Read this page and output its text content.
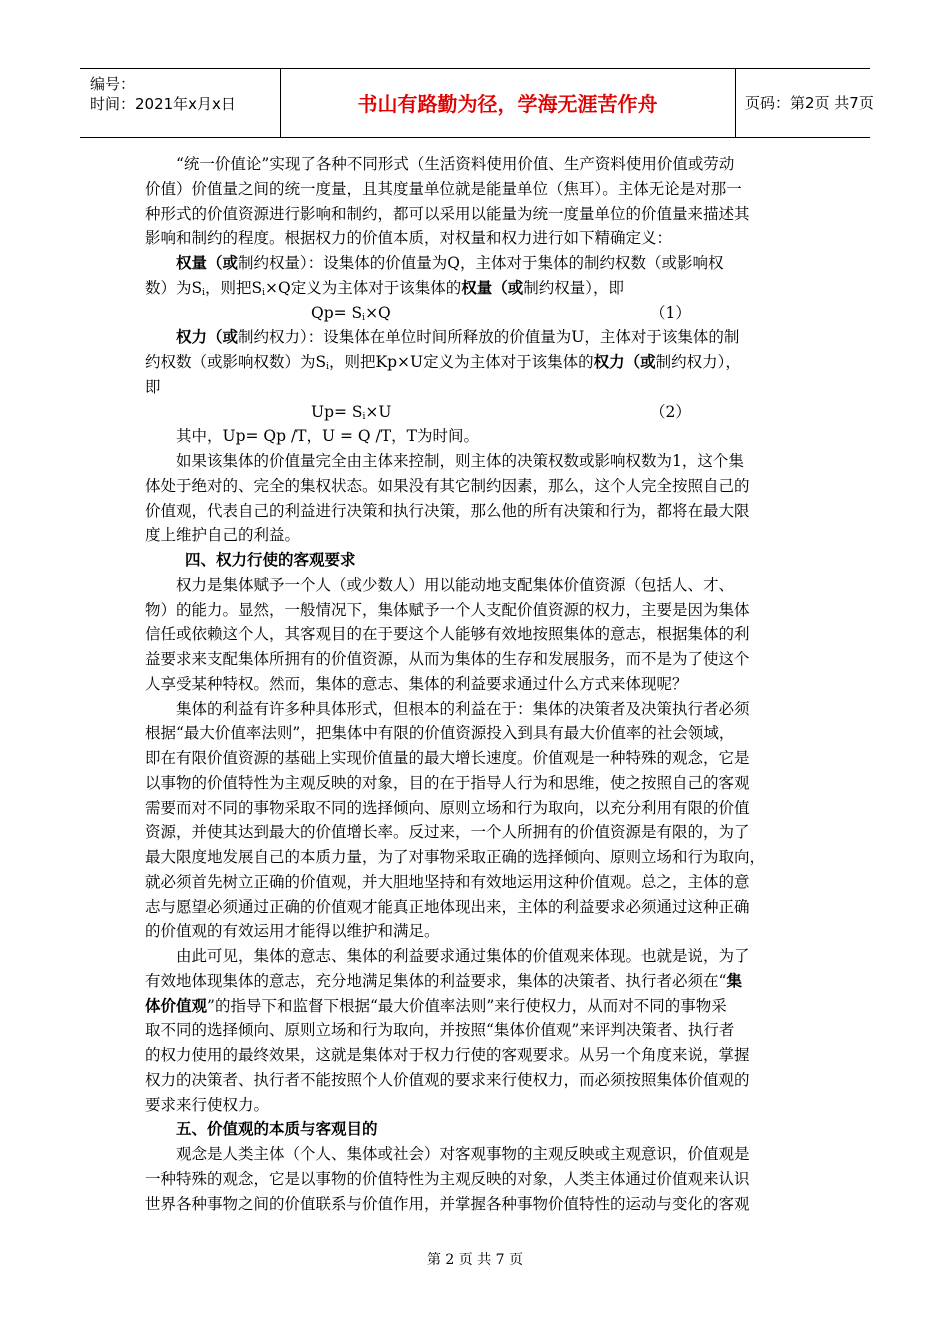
编号：
时间：2021年x月x日	书山有路勤为径，学海无涯苦作舟	页码：第2页 共7页
“统一价值论”实现了各种不同形式（生活资料使用价值、生产资料使用价值或劳动
价值）价值量之间的统一度量，且其度量单位就是能量单位（焦耳）。主体无论是对那一
种形式的价值资源进行影响和制约，都可以采用以能量为统一度量单位的价值量来描述其
影响和制约的程度。根据权力的价值本质，对权量和权力进行如下精确定义：
权量（或制约权量）：设集体的价值量为Q，主体对于集体的制约权数（或影响权
数）为$S_i$，则把$S_i\times Q$定义为主体对于该集体的权量（或制约权量），即
$Qp= S_i\times Q$	（1）
权力（或制约权力）：设集体在单位时间所释放的价值量为U，主体对于该集体的制
约权数（或影响权数）为$S_i$，则把Kp×U定义为主体对于该集体的权力（或制约权力），
即
$Up= S_i\times U$	（2）
其中，Up= Qp /T，U = Q /T，T为时间。
如果该集体的价值量完全由主体来控制，则主体的决策权数或影响权数为1，这个集
体处于绝对的、完全的集权状态。如果没有其它制约因素，那么，这个人完全按照自己的
价值观，代表自己的利益进行决策和执行决策，那么他的所有决策和行为，都将在最大限
度上维护自己的利益。
四、权力行使的客观要求
权力是集体赋予一个人（或少数人）用以能动地支配集体价值资源（包括人、才、
物）的能力。显然，一般情况下，集体赋予一个人支配价值资源的权力，主要是因为集体
信任或依赖这个人，其客观目的在于要这个人能够有效地按照集体的意志，根据集体的利
益要求来支配集体所拥有的价值资源，从而为集体的生存和发展服务，而不是为了使这个
人享受某种特权。然而，集体的意志、集体的利益要求通过什么方式来体现呢？
集体的利益有许多种具体形式，但根本的利益在于：集体的决策者及决策执行者必须
根据“最大价值率法则”，把集体中有限的价值资源投入到具有最大价值率的社会领域，
即在有限价值资源的基础上实现价值量的最大增长速度。价值观是一种特殊的观念，它是
以事物的价值特性为主观反映的对象，目的在于指导人行为和思维，使之按照自己的客观
需要而对不同的事物采取不同的选择倾向、原则立场和行为取向，以充分利用有限的价值
资源，并使其达到最大的价值增长率。反过来，一个人所拥有的价值资源是有限的，为了
最大限度地发展自己的本质力量，为了对事物采取正确的选择倾向、原则立场和行为取向，
就必须首先树立正确的价值观，并大胆地坚持和有效地运用这种价值观。总之，主体的意
志与愿望必须通过正确的价值观才能真正地体现出来，主体的利益要求必须通过这种正确
的价值观的有效运用才能得以维护和满足。
由此可见，集体的意志、集体的利益要求通过集体的价值观来体现。也就是说，为了
有效地体现集体的意志，充分地满足集体的利益要求，集体的决策者、执行者必须在“集
体价值观”的指导下和监督下根据“最大价值率法则”来行使权力，从而对不同的事物采
取不同的选择倾向、原则立场和行为取向，并按照“集体价值观”来评判决策者、执行者
的权力使用的最终效果，这就是集体对于权力行使的客观要求。从另一个角度来说，掌握
权力的决策者、执行者不能按照个人价值观的要求来行使权力，而必须按照集体价值观的
要求来行使权力。
五、价值观的本质与客观目的
观念是人类主体（个人、集体或社会）对客观事物的主观反映或主观意识，价值观是
一种特殊的观念，它是以事物的价值特性为主观反映的对象，人类主体通过价值观来认识
世界各种事物之间的价值联系与价值作用，并掌握各种事物价值特性的运动与变化的客观
第 2 页 共 7 页
